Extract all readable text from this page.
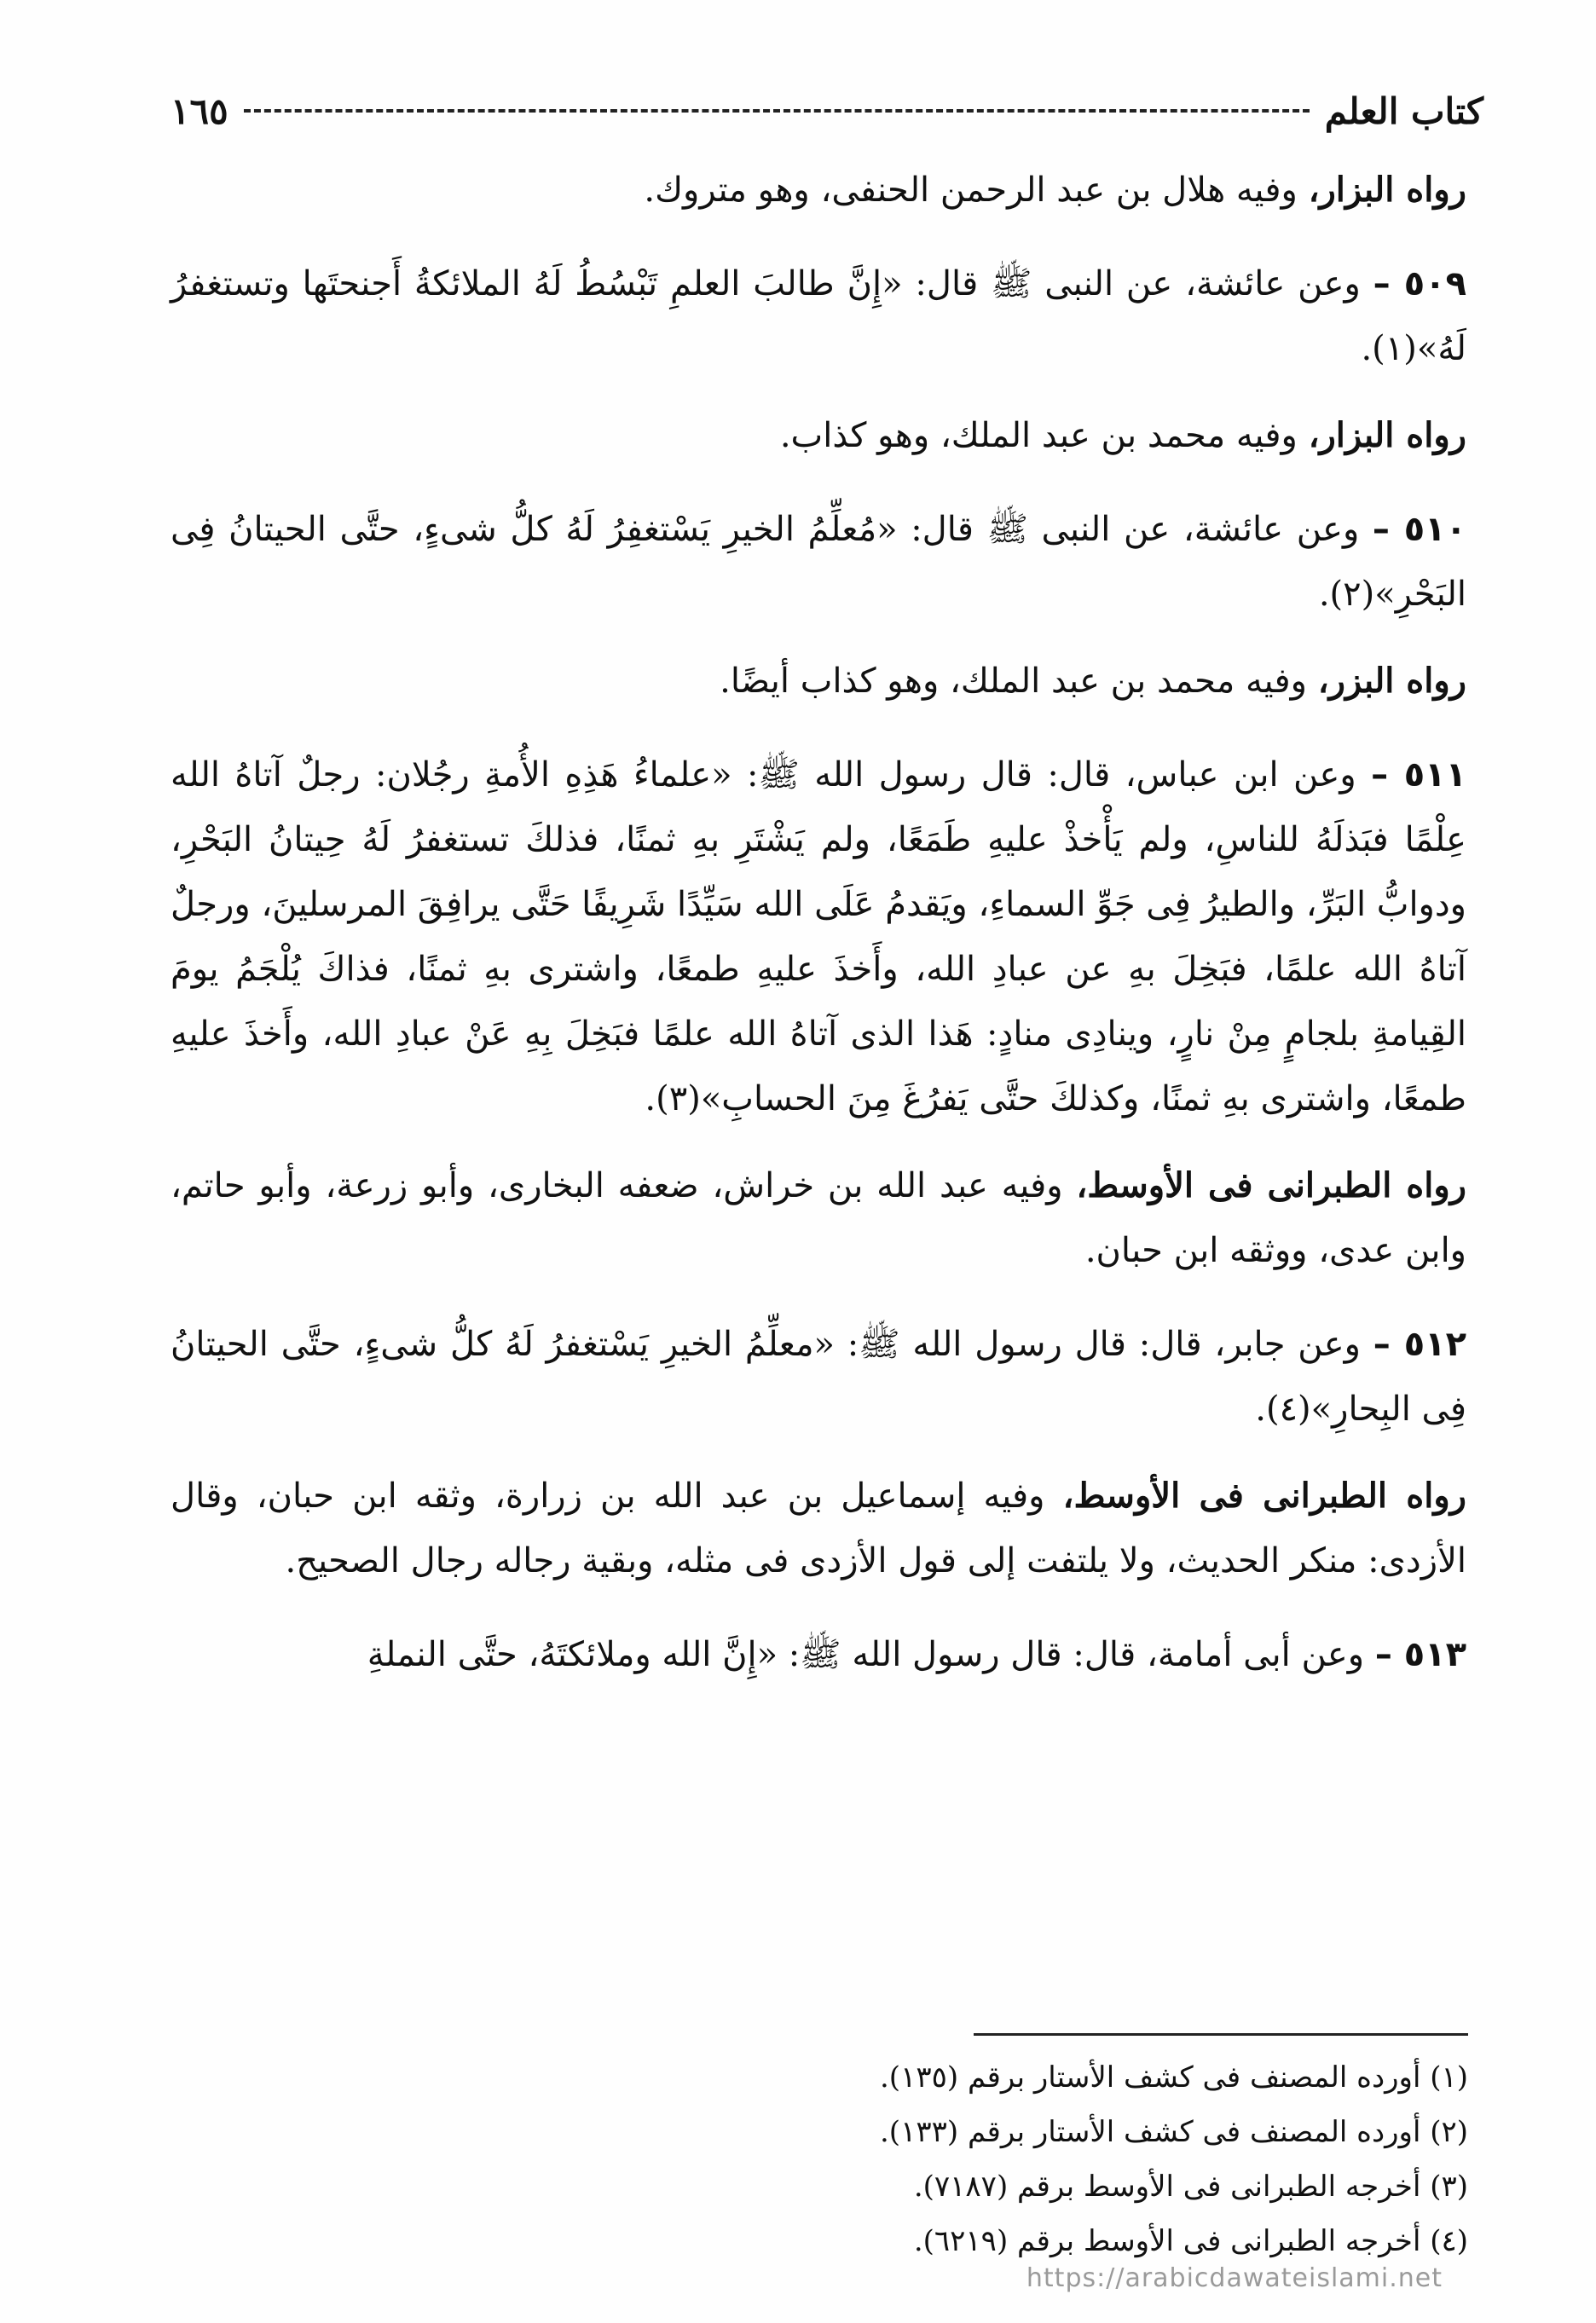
كتاب العلم
١٦٥

رواه البزار، وفيه هلال بن عبد الرحمن الحنفى، وهو متروك.

٥٠٩ – وعن عائشة، عن النبى ﷺ قال: «إِنَّ طالبَ العلمِ تَبْسُطُ لَهُ الملائكةُ أَجنحتَها وتستغفرُ لَهُ»(١).

رواه البزار، وفيه محمد بن عبد الملك، وهو كذاب.

٥١٠ – وعن عائشة، عن النبى ﷺ قال: «مُعلِّمُ الخيرِ يَسْتغفِرُ لَهُ كلُّ شىءٍ، حتَّى الحيتانُ فِى البَحْرِ»(٢).

رواه البزر، وفيه محمد بن عبد الملك، وهو كذاب أيضًا.

٥١١ – وعن ابن عباس، قال: قال رسول الله ﷺ: «علماءُ هَذِهِ الأُمةِ رجُلان: رجلٌ آتاهُ الله عِلْمًا فبَذلَهُ للناسِ، ولم يَأْخذْ عليهِ طَمَعًا، ولم يَشْتَرِ بهِ ثمنًا، فذلكَ تستغفرُ لَهُ حِيتانُ البَحْرِ، ودوابُّ البَرِّ، والطيرُ فِى جَوِّ السماءِ، ويَقدمُ عَلَى الله سَيِّدًا شَرِيفًا حَتَّى يرافِقَ المرسلينَ، ورجلٌ آتاهُ الله علمًا، فبَخِلَ بهِ عن عبادِ الله، وأَخذَ عليهِ طمعًا، واشترى بهِ ثمنًا، فذاكَ يُلْجَمُ يومَ القِيامةِ بلجامٍ مِنْ نارٍ، وينادِى منادٍ: هَذا الذى آتاهُ الله علمًا فبَخِلَ بِهِ عَنْ عبادِ الله، وأَخذَ عليهِ طمعًا، واشترى بهِ ثمنًا، وكذلكَ حتَّى يَفرُغَ مِنَ الحسابِ»(٣).

رواه الطبرانى فى الأوسط، وفيه عبد الله بن خراش، ضعفه البخارى، وأبو زرعة، وأبو حاتم، وابن عدى، ووثقه ابن حبان.

٥١٢ – وعن جابر، قال: قال رسول الله ﷺ: «معلِّمُ الخيرِ يَسْتغفرُ لَهُ كلُّ شىءٍ، حتَّى الحيتانُ فِى البِحارِ»(٤).

رواه الطبرانى فى الأوسط، وفيه إسماعيل بن عبد الله بن زرارة، وثقه ابن حبان، وقال الأزدى: منكر الحديث، ولا يلتفت إلى قول الأزدى فى مثله، وبقية رجاله رجال الصحيح.

٥١٣ – وعن أبى أمامة، قال: قال رسول الله ﷺ: «إِنَّ الله وملائكتَهُ، حتَّى النملةِ

(١) أورده المصنف فى كشف الأستار برقم (١٣٥).
(٢) أورده المصنف فى كشف الأستار برقم (١٣٣).
(٣) أخرجه الطبرانى فى الأوسط برقم (٧١٨٧).
(٤) أخرجه الطبرانى فى الأوسط برقم (٦٢١٩).
https://arabicdawateislami.net
